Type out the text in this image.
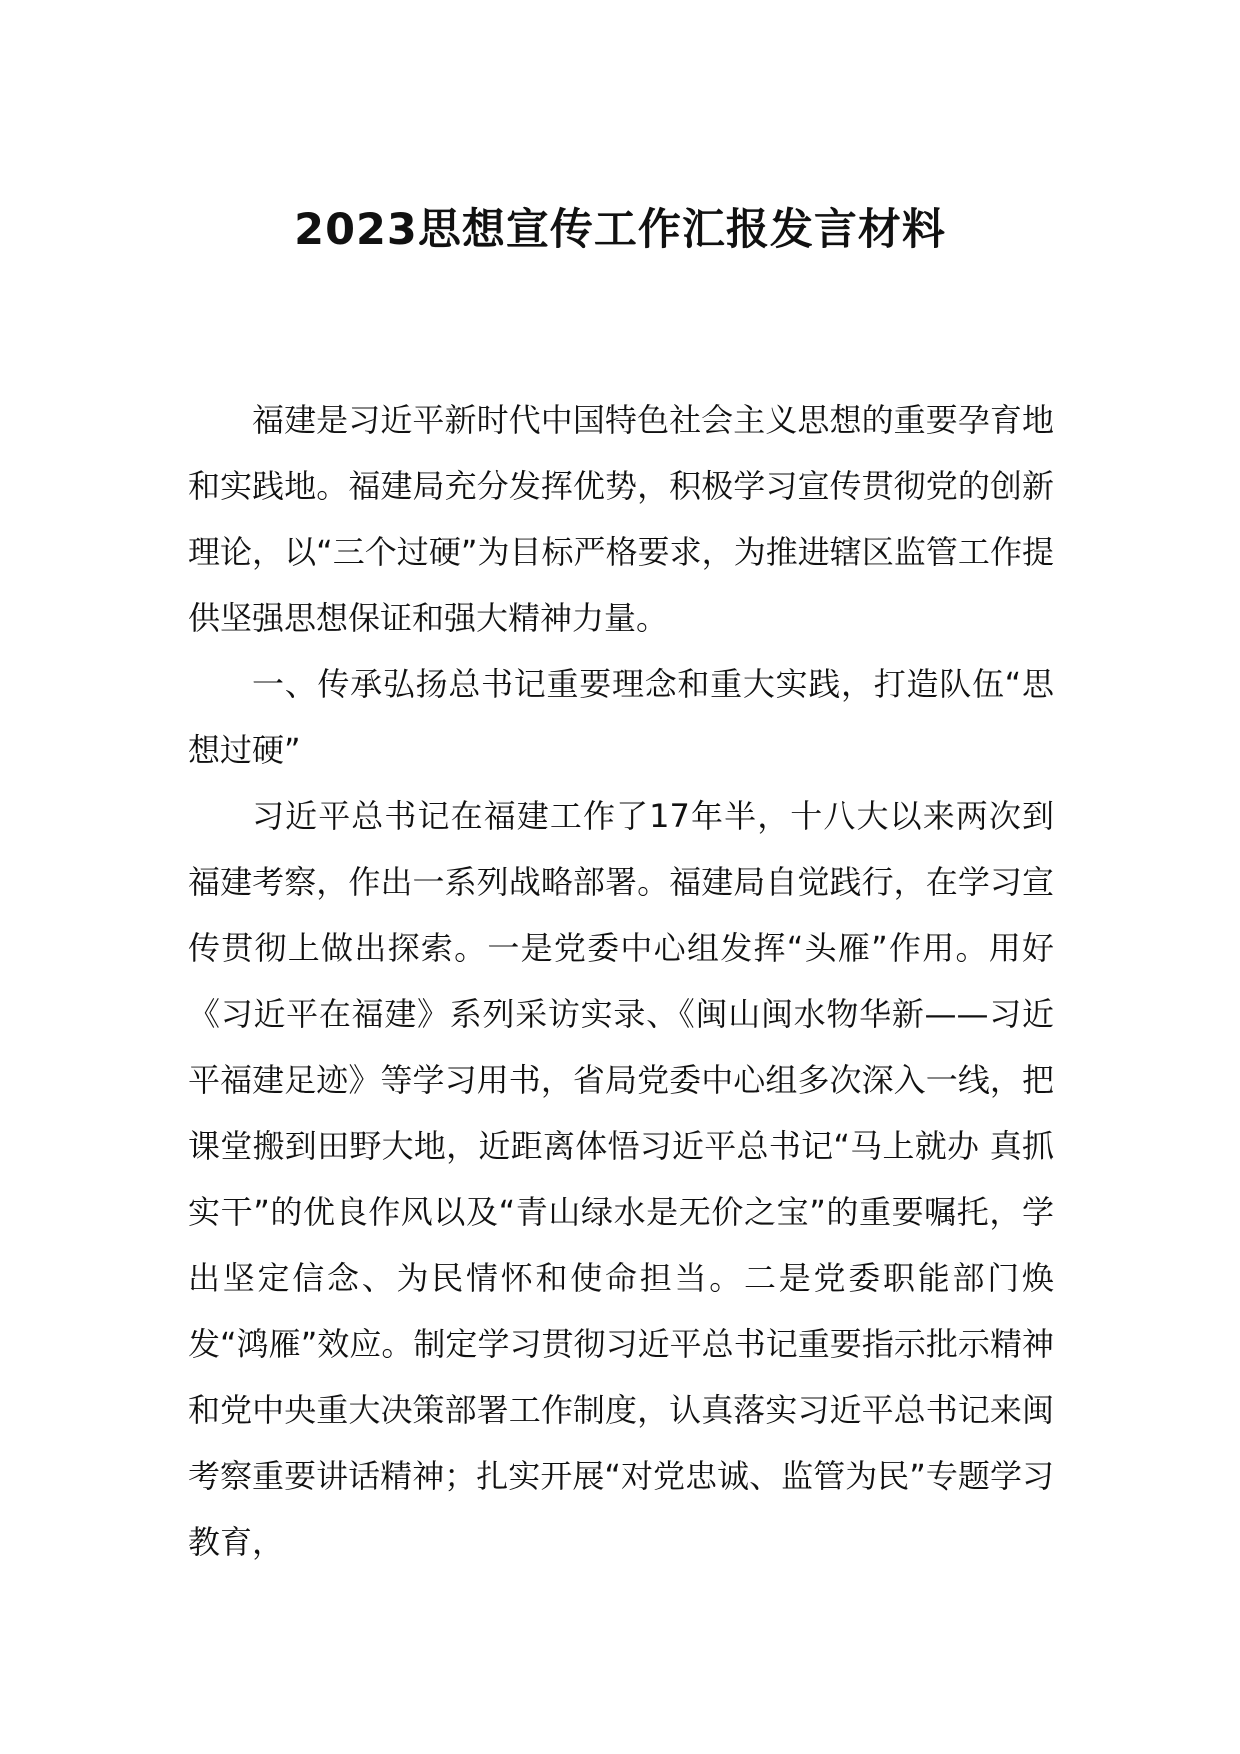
2023思想宣传工作汇报发言材料

福建是习近平新时代中国特色社会主义思想的重要孕育地和实践地。福建局充分发挥优势，积极学习宣传贯彻党的创新理论，以“三个过硬”为目标严格要求，为推进辖区监管工作提供坚强思想保证和强大精神力量。

一、传承弘扬总书记重要理念和重大实践，打造队伍“思想过硬”

习近平总书记在福建工作了17年半，十八大以来两次到福建考察，作出一系列战略部署。福建局自觉践行，在学习宣传贯彻上做出探索。一是党委中心组发挥“头雁”作用。用好《习近平在福建》系列采访实录、《闽山闽水物华新——习近平福建足迹》等学习用书，省局党委中心组多次深入一线，把课堂搬到田野大地，近距离体悟习近平总书记“马上就办 真抓实干”的优良作风以及“青山绿水是无价之宝”的重要嘱托，学出坚定信念、为民情怀和使命担当。二是党委职能部门焕发“鸿雁”效应。制定学习贯彻习近平总书记重要指示批示精神和党中央重大决策部署工作制度，认真落实习近平总书记来闽考察重要讲话精神；扎实开展“对党忠诚、监管为民”专题学习教育，
